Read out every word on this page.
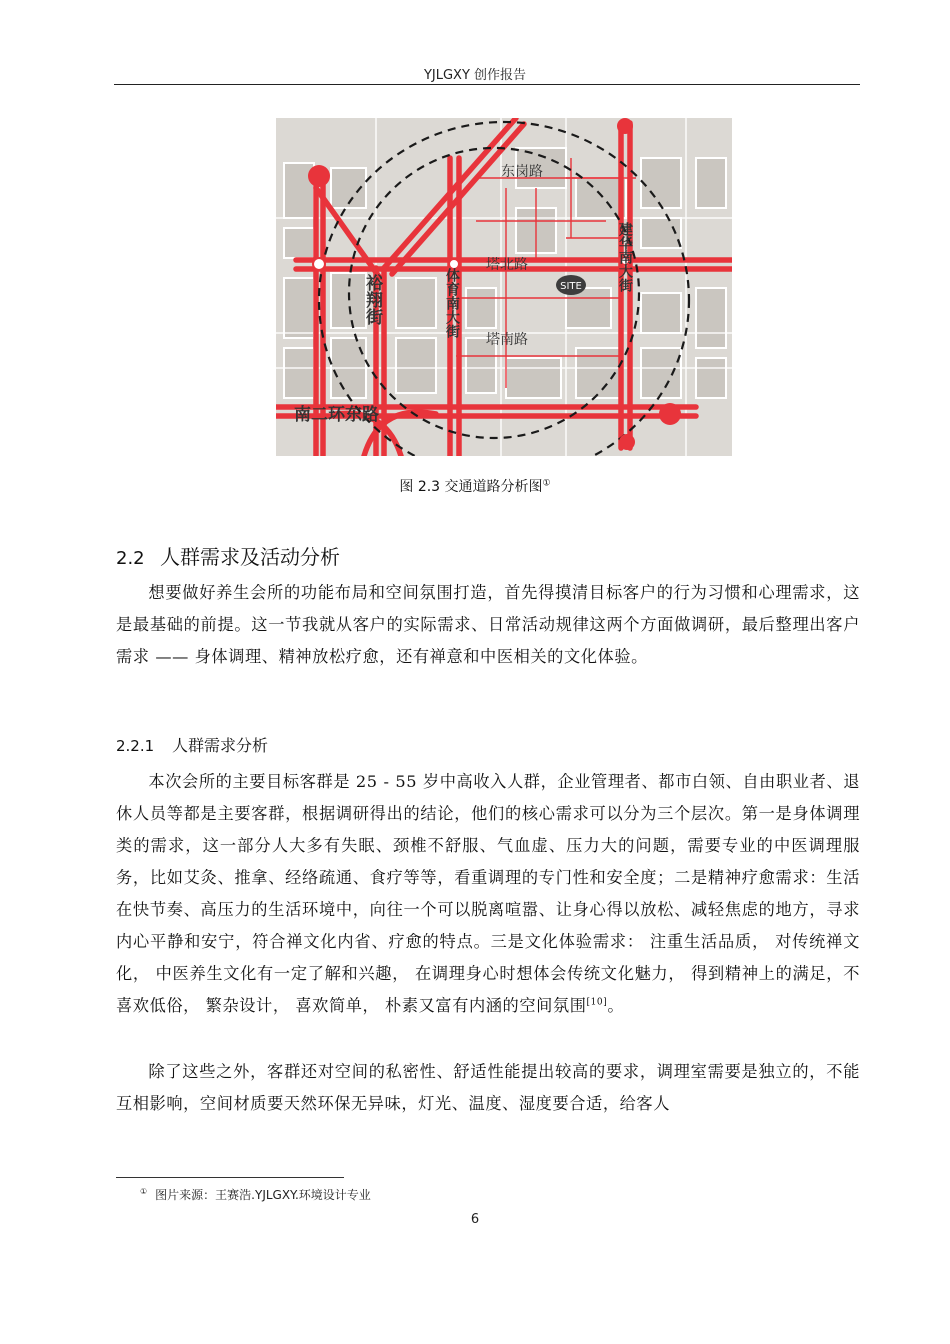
YJLGXY 创作报告
东岗路
塔北路
塔南路
SITE
裕翔街	体育南大街
建华南大街
南二环东路
图 2.3 交通道路分析图①
2.2 人群需求及活动分析
想要做好养生会所的功能布局和空间氛围打造，首先得摸清目标客户的行为习惯和心理需求，这是最基础的前提。这一节我就从客户的实际需求、日常活动规律这两个方面做调研，最后整理出客户需求 —— 身体调理、精神放松疗愈，还有禅意和中医相关的文化体验。
2.2.1 人群需求分析
本次会所的主要目标客群是 25 - 55 岁中高收入人群，企业管理者、都市白领、自由职业者、退休人员等都是主要客群，根据调研得出的结论，他们的核心需求可以分为三个层次。第一是身体调理类的需求，这一部分人大多有失眠、颈椎不舒服、气血虚、压力大的问题，需要专业的中医调理服务，比如艾灸、推拿、经络疏通、食疗等等，看重调理的专门性和安全度；二是精神疗愈需求：生活在快节奏、高压力的生活环境中，向往一个可以脱离喧嚣、让身心得以放松、减轻焦虑的地方，寻求内心平静和安宁，符合禅文化内省、疗愈的特点。三是文化体验需求： 注重生活品质， 对传统禅文化， 中医养生文化有一定了解和兴趣， 在调理身心时想体会传统文化魅力， 得到精神上的满足，不喜欢低俗， 繁杂设计， 喜欢简单， 朴素又富有内涵的空间氛围[10]。
除了这些之外，客群还对空间的私密性、舒适性能提出较高的要求，调理室需要是独立的，不能互相影响，空间材质要天然环保无异味，灯光、温度、湿度要合适，给客人
① 图片来源：王赛浩.YJLGXY.环境设计专业
6
